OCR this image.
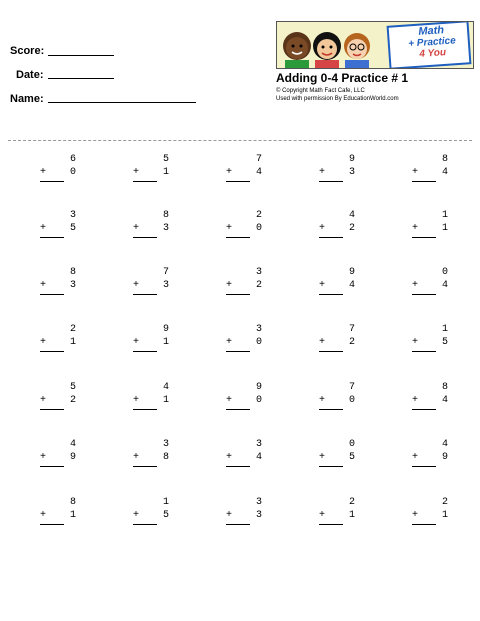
Score:
Date:
Name:
Math
+ Practice
4 You
Adding 0-4 Practice # 1
© Copyright Math Fact Cafe, LLC
Used with permission By EducationWorld.com
6
+ 0
5
+ 1
7
+ 4
9
+ 3
8
+ 4
3
+ 5
8
+ 3
2
+ 0
4
+ 2
1
+ 1
8
+ 3
7
+ 3
3
+ 2
9
+ 4
0
+ 4
2
+ 1
9
+ 1
3
+ 0
7
+ 2
1
+ 5
5
+ 2
4
+ 1
9
+ 0
7
+ 0
8
+ 4
4
+ 9
3
+ 8
3
+ 4
0
+ 5
4
+ 9
8
+ 1
1
+ 5
3
+ 3
2
+ 1
2
+ 1
